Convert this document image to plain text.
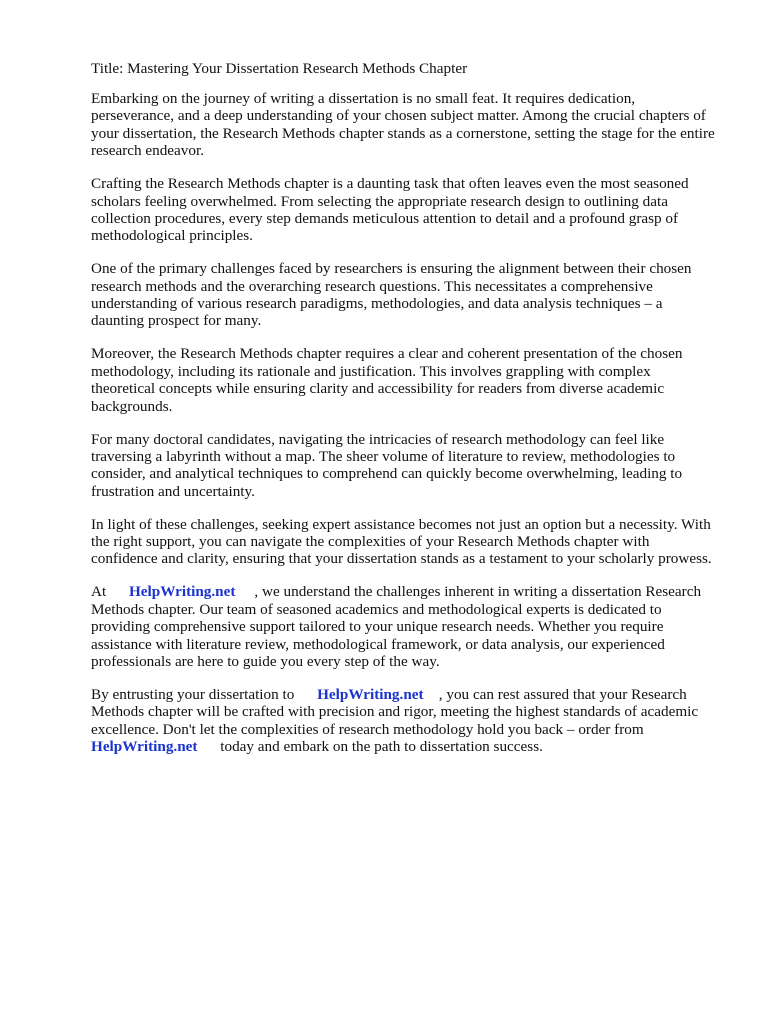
Title: Mastering Your Dissertation Research Methods Chapter

Embarking on the journey of writing a dissertation is no small feat. It requires dedication, perseverance, and a deep understanding of your chosen subject matter. Among the crucial chapters of your dissertation, the Research Methods chapter stands as a cornerstone, setting the stage for the entire research endeavor.

Crafting the Research Methods chapter is a daunting task that often leaves even the most seasoned scholars feeling overwhelmed. From selecting the appropriate research design to outlining data collection procedures, every step demands meticulous attention to detail and a profound grasp of methodological principles.

One of the primary challenges faced by researchers is ensuring the alignment between their chosen research methods and the overarching research questions. This necessitates a comprehensive understanding of various research paradigms, methodologies, and data analysis techniques – a daunting prospect for many.

Moreover, the Research Methods chapter requires a clear and coherent presentation of the chosen methodology, including its rationale and justification. This involves grappling with complex theoretical concepts while ensuring clarity and accessibility for readers from diverse academic backgrounds.

For many doctoral candidates, navigating the intricacies of research methodology can feel like traversing a labyrinth without a map. The sheer volume of literature to review, methodologies to consider, and analytical techniques to comprehend can quickly become overwhelming, leading to frustration and uncertainty.

In light of these challenges, seeking expert assistance becomes not just an option but a necessity. With the right support, you can navigate the complexities of your Research Methods chapter with confidence and clarity, ensuring that your dissertation stands as a testament to your scholarly prowess.

At      HelpWriting.net     , we understand the challenges inherent in writing a dissertation Research Methods chapter. Our team of seasoned academics and methodological experts is dedicated to providing comprehensive support tailored to your unique research needs. Whether you require assistance with literature review, methodological framework, or data analysis, our experienced professionals are here to guide you every step of the way.

By entrusting your dissertation to      HelpWriting.net    , you can rest assured that your Research Methods chapter will be crafted with precision and rigor, meeting the highest standards of academic excellence. Don't let the complexities of research methodology hold you back – order from HelpWriting.net      today and embark on the path to dissertation success.
